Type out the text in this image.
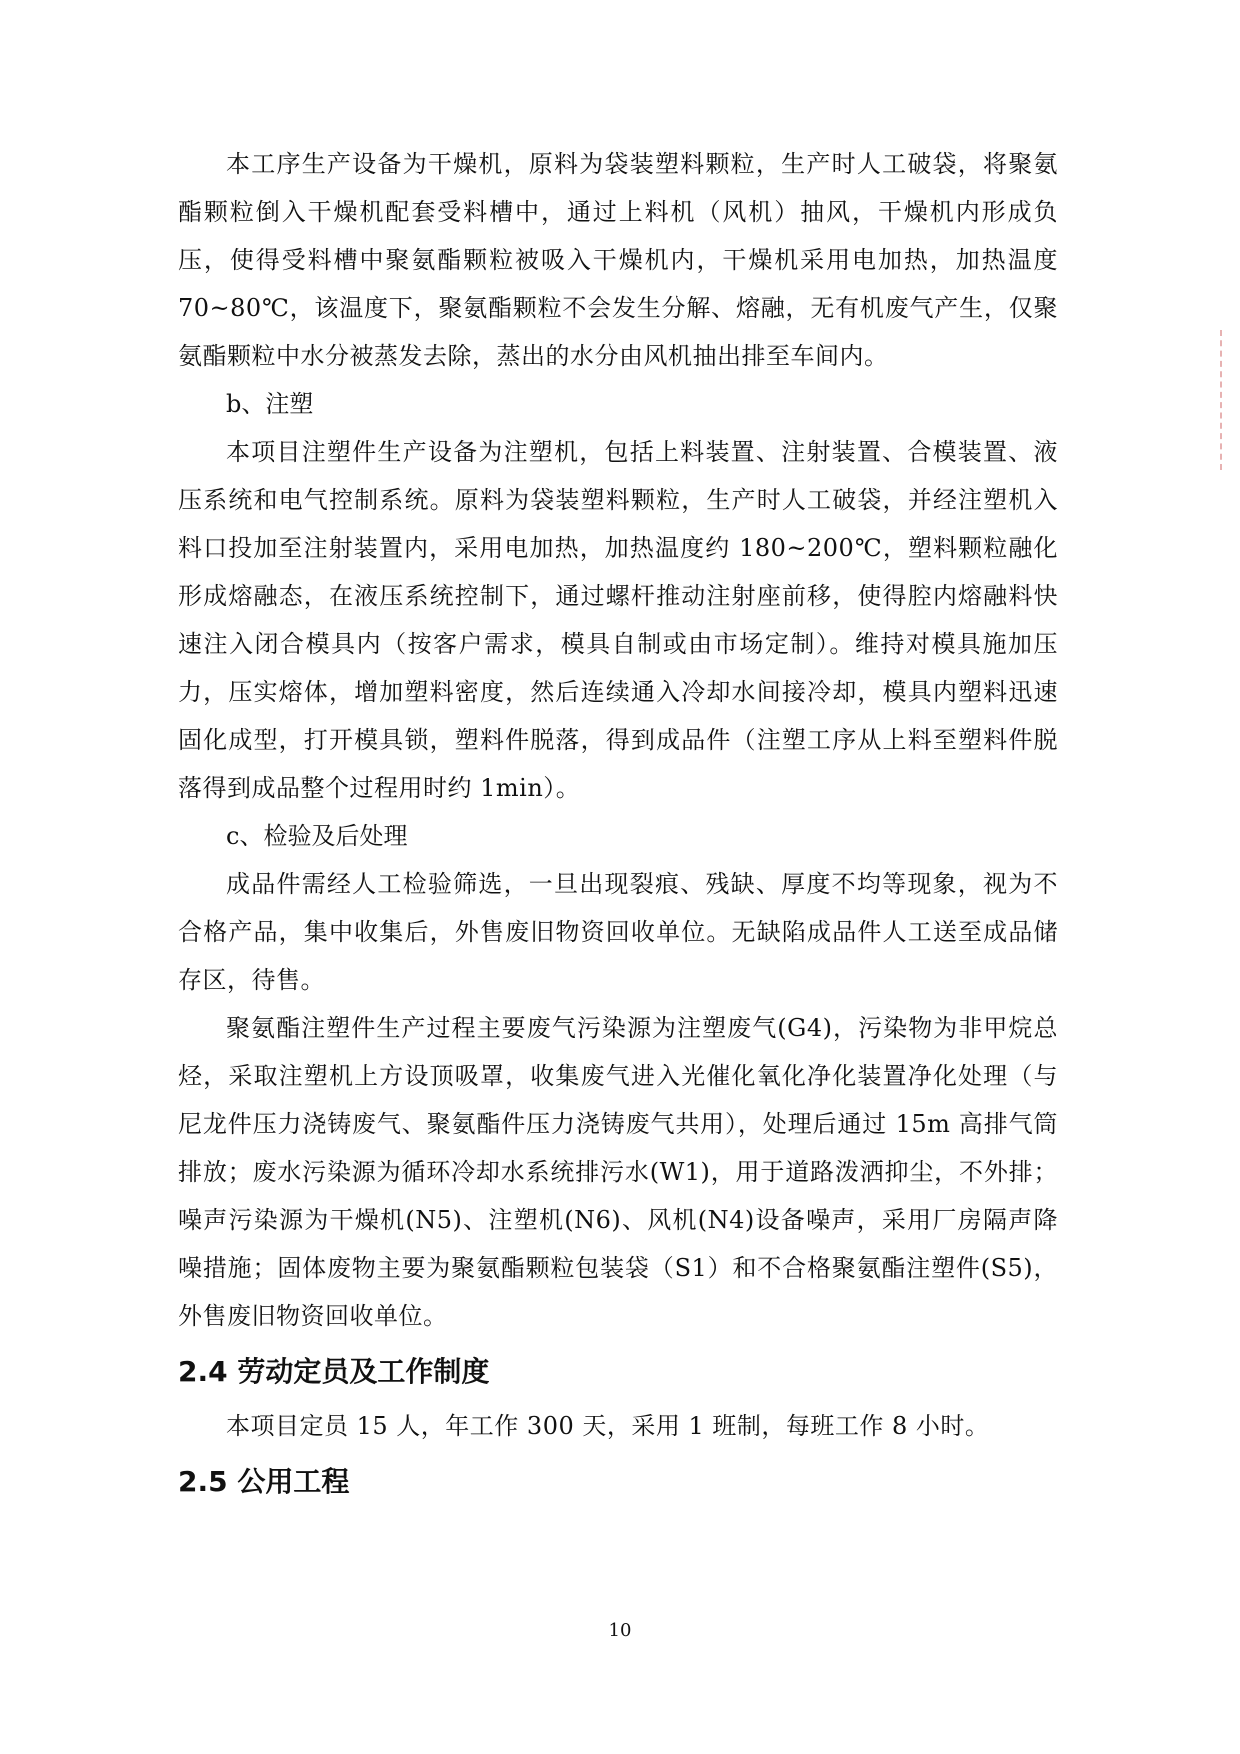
本工序生产设备为干燥机，原料为袋装塑料颗粒，生产时人工破袋，将聚氨酯颗粒倒入干燥机配套受料槽中，通过上料机（风机）抽风，干燥机内形成负压，使得受料槽中聚氨酯颗粒被吸入干燥机内，干燥机采用电加热，加热温度70~80℃，该温度下，聚氨酯颗粒不会发生分解、熔融，无有机废气产生，仅聚氨酯颗粒中水分被蒸发去除，蒸出的水分由风机抽出排至车间内。

b、注塑

本项目注塑件生产设备为注塑机，包括上料装置、注射装置、合模装置、液压系统和电气控制系统。原料为袋装塑料颗粒，生产时人工破袋，并经注塑机入料口投加至注射装置内，采用电加热，加热温度约 180~200℃，塑料颗粒融化形成熔融态，在液压系统控制下，通过螺杆推动注射座前移，使得腔内熔融料快速注入闭合模具内（按客户需求，模具自制或由市场定制）。维持对模具施加压力，压实熔体，增加塑料密度，然后连续通入冷却水间接冷却，模具内塑料迅速固化成型，打开模具锁，塑料件脱落，得到成品件（注塑工序从上料至塑料件脱落得到成品整个过程用时约 1min）。

c、检验及后处理

成品件需经人工检验筛选，一旦出现裂痕、残缺、厚度不均等现象，视为不合格产品，集中收集后，外售废旧物资回收单位。无缺陷成品件人工送至成品储存区，待售。

聚氨酯注塑件生产过程主要废气污染源为注塑废气(G4)，污染物为非甲烷总烃，采取注塑机上方设顶吸罩，收集废气进入光催化氧化净化装置净化处理（与尼龙件压力浇铸废气、聚氨酯件压力浇铸废气共用），处理后通过 15m 高排气筒排放；废水污染源为循环冷却水系统排污水(W1)，用于道路泼洒抑尘，不外排；噪声污染源为干燥机(N5)、注塑机(N6)、风机(N4)设备噪声，采用厂房隔声降噪措施；固体废物主要为聚氨酯颗粒包装袋（S1）和不合格聚氨酯注塑件(S5)，外售废旧物资回收单位。

2.4 劳动定员及工作制度

本项目定员 15 人，年工作 300 天，采用 1 班制，每班工作 8 小时。

2.5 公用工程
10
